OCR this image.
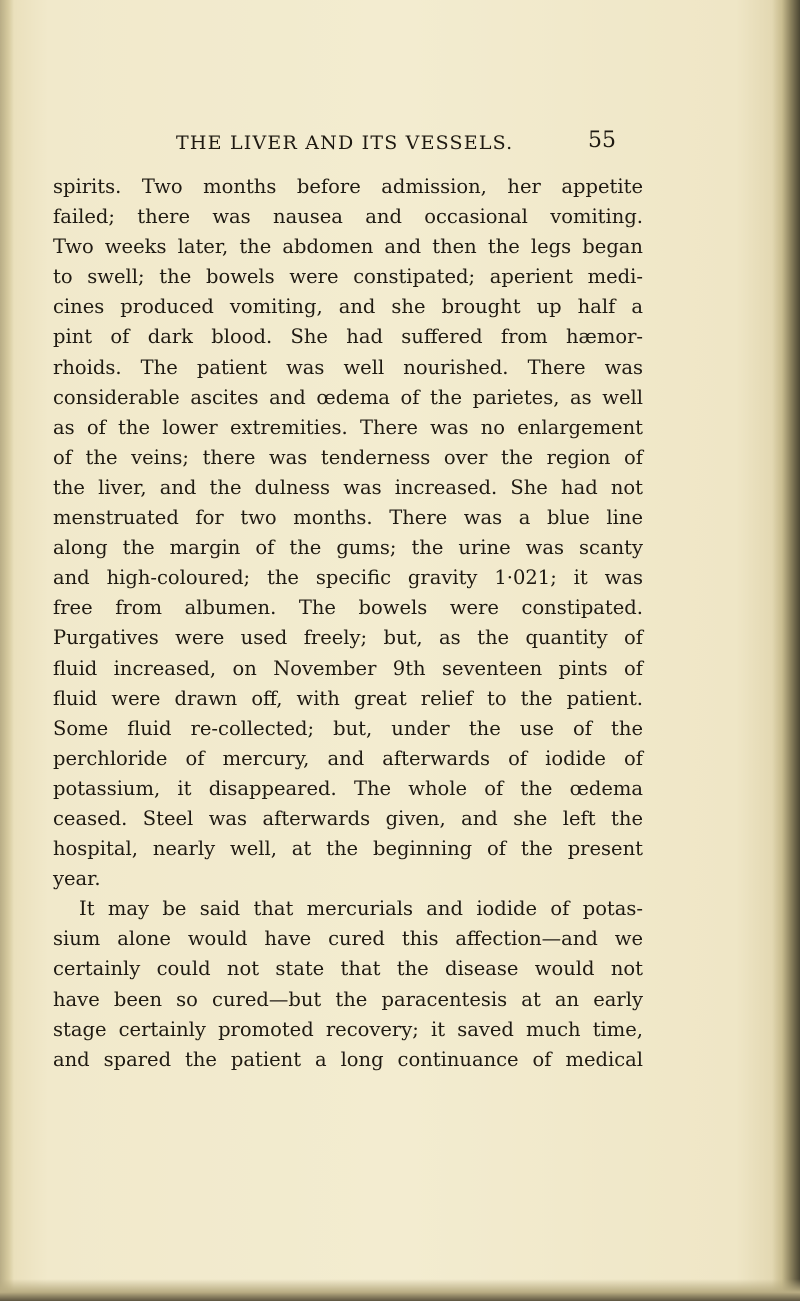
THE LIVER AND ITS VESSELS.	55
spirits. Two months before admission, her appetite
failed; there was nausea and occasional vomiting.
Two weeks later, the abdomen and then the legs began
to swell; the bowels were constipated; aperient medi-
cines produced vomiting, and she brought up half a
pint of dark blood. She had suffered from hæmor-
rhoids. The patient was well nourished. There was
considerable ascites and œdema of the parietes, as well
as of the lower extremities. There was no enlargement
of the veins; there was tenderness over the region of
the liver, and the dulness was increased. She had not
menstruated for two months. There was a blue line
along the margin of the gums; the urine was scanty
and high-coloured; the specific gravity 1·021; it was
free from albumen. The bowels were constipated.
Purgatives were used freely; but, as the quantity of
fluid increased, on November 9th seventeen pints of
fluid were drawn off, with great relief to the patient.
Some fluid re-collected; but, under the use of the
perchloride of mercury, and afterwards of iodide of
potassium, it disappeared. The whole of the œdema
ceased. Steel was afterwards given, and she left the
hospital, nearly well, at the beginning of the present
year.
It may be said that mercurials and iodide of potas-
sium alone would have cured this affection—and we
certainly could not state that the disease would not
have been so cured—but the paracentesis at an early
stage certainly promoted recovery; it saved much time,
and spared the patient a long continuance of medical
